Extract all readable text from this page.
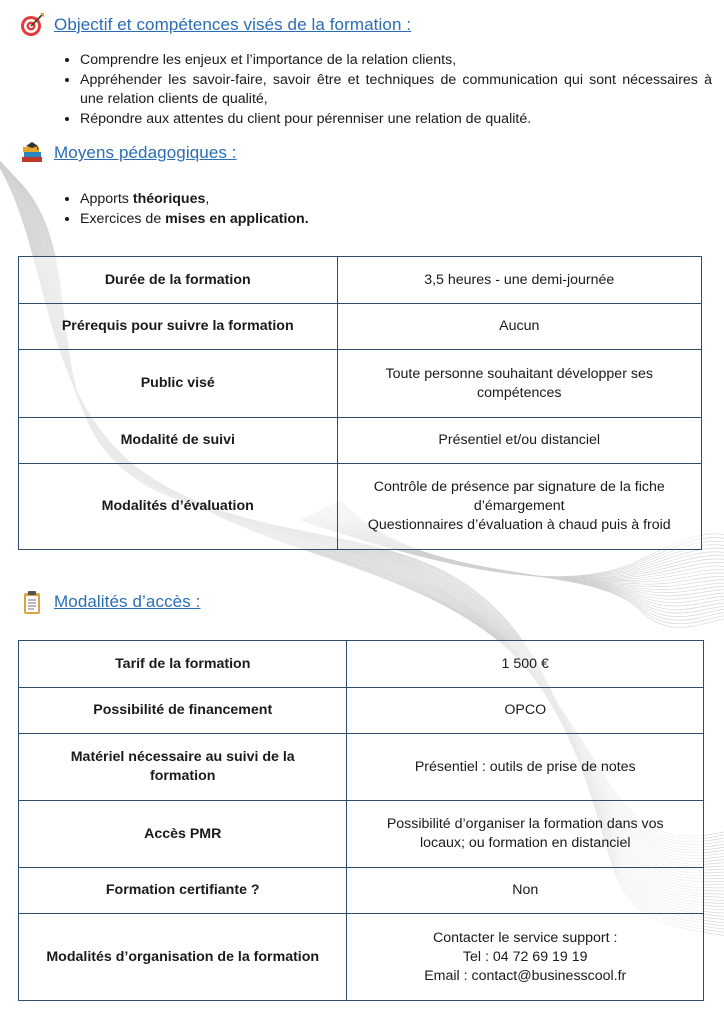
Objectif et compétences visés de la formation :
• Comprendre les enjeux et l’importance de la relation clients,
• Appréhender les savoir-faire, savoir être et techniques de communication qui sont nécessaires à une relation clients de qualité,
• Répondre aux attentes du client pour pérenniser une relation de qualité.
Moyens pédagogiques :
• Apports théoriques,
• Exercices de mises en application.
Durée de la formation	3,5 heures - une demi-journée

Prérequis pour suivre la formation	Aucun

Public visé	Toute personne souhaitant développer ses compétences

Modalité de suivi	Présentiel et/ou distanciel

Modalités d’évaluation	Contrôle de présence par signature de la fiche d’émargement
Questionnaires d’évaluation à chaud puis à froid
Modalités d’accès :
Tarif de la formation	1 500 €

Possibilité de financement	OPCO

Matériel nécessaire au suivi de la formation	Présentiel : outils de prise de notes

Accès PMR	Possibilité d’organiser la formation dans vos locaux; ou formation en distanciel

Formation certifiante ?	Non

Modalités d’organisation de la formation	Contacter le service support :
Tel : 04 72 69 19 19
Email : contact@businesscool.fr
